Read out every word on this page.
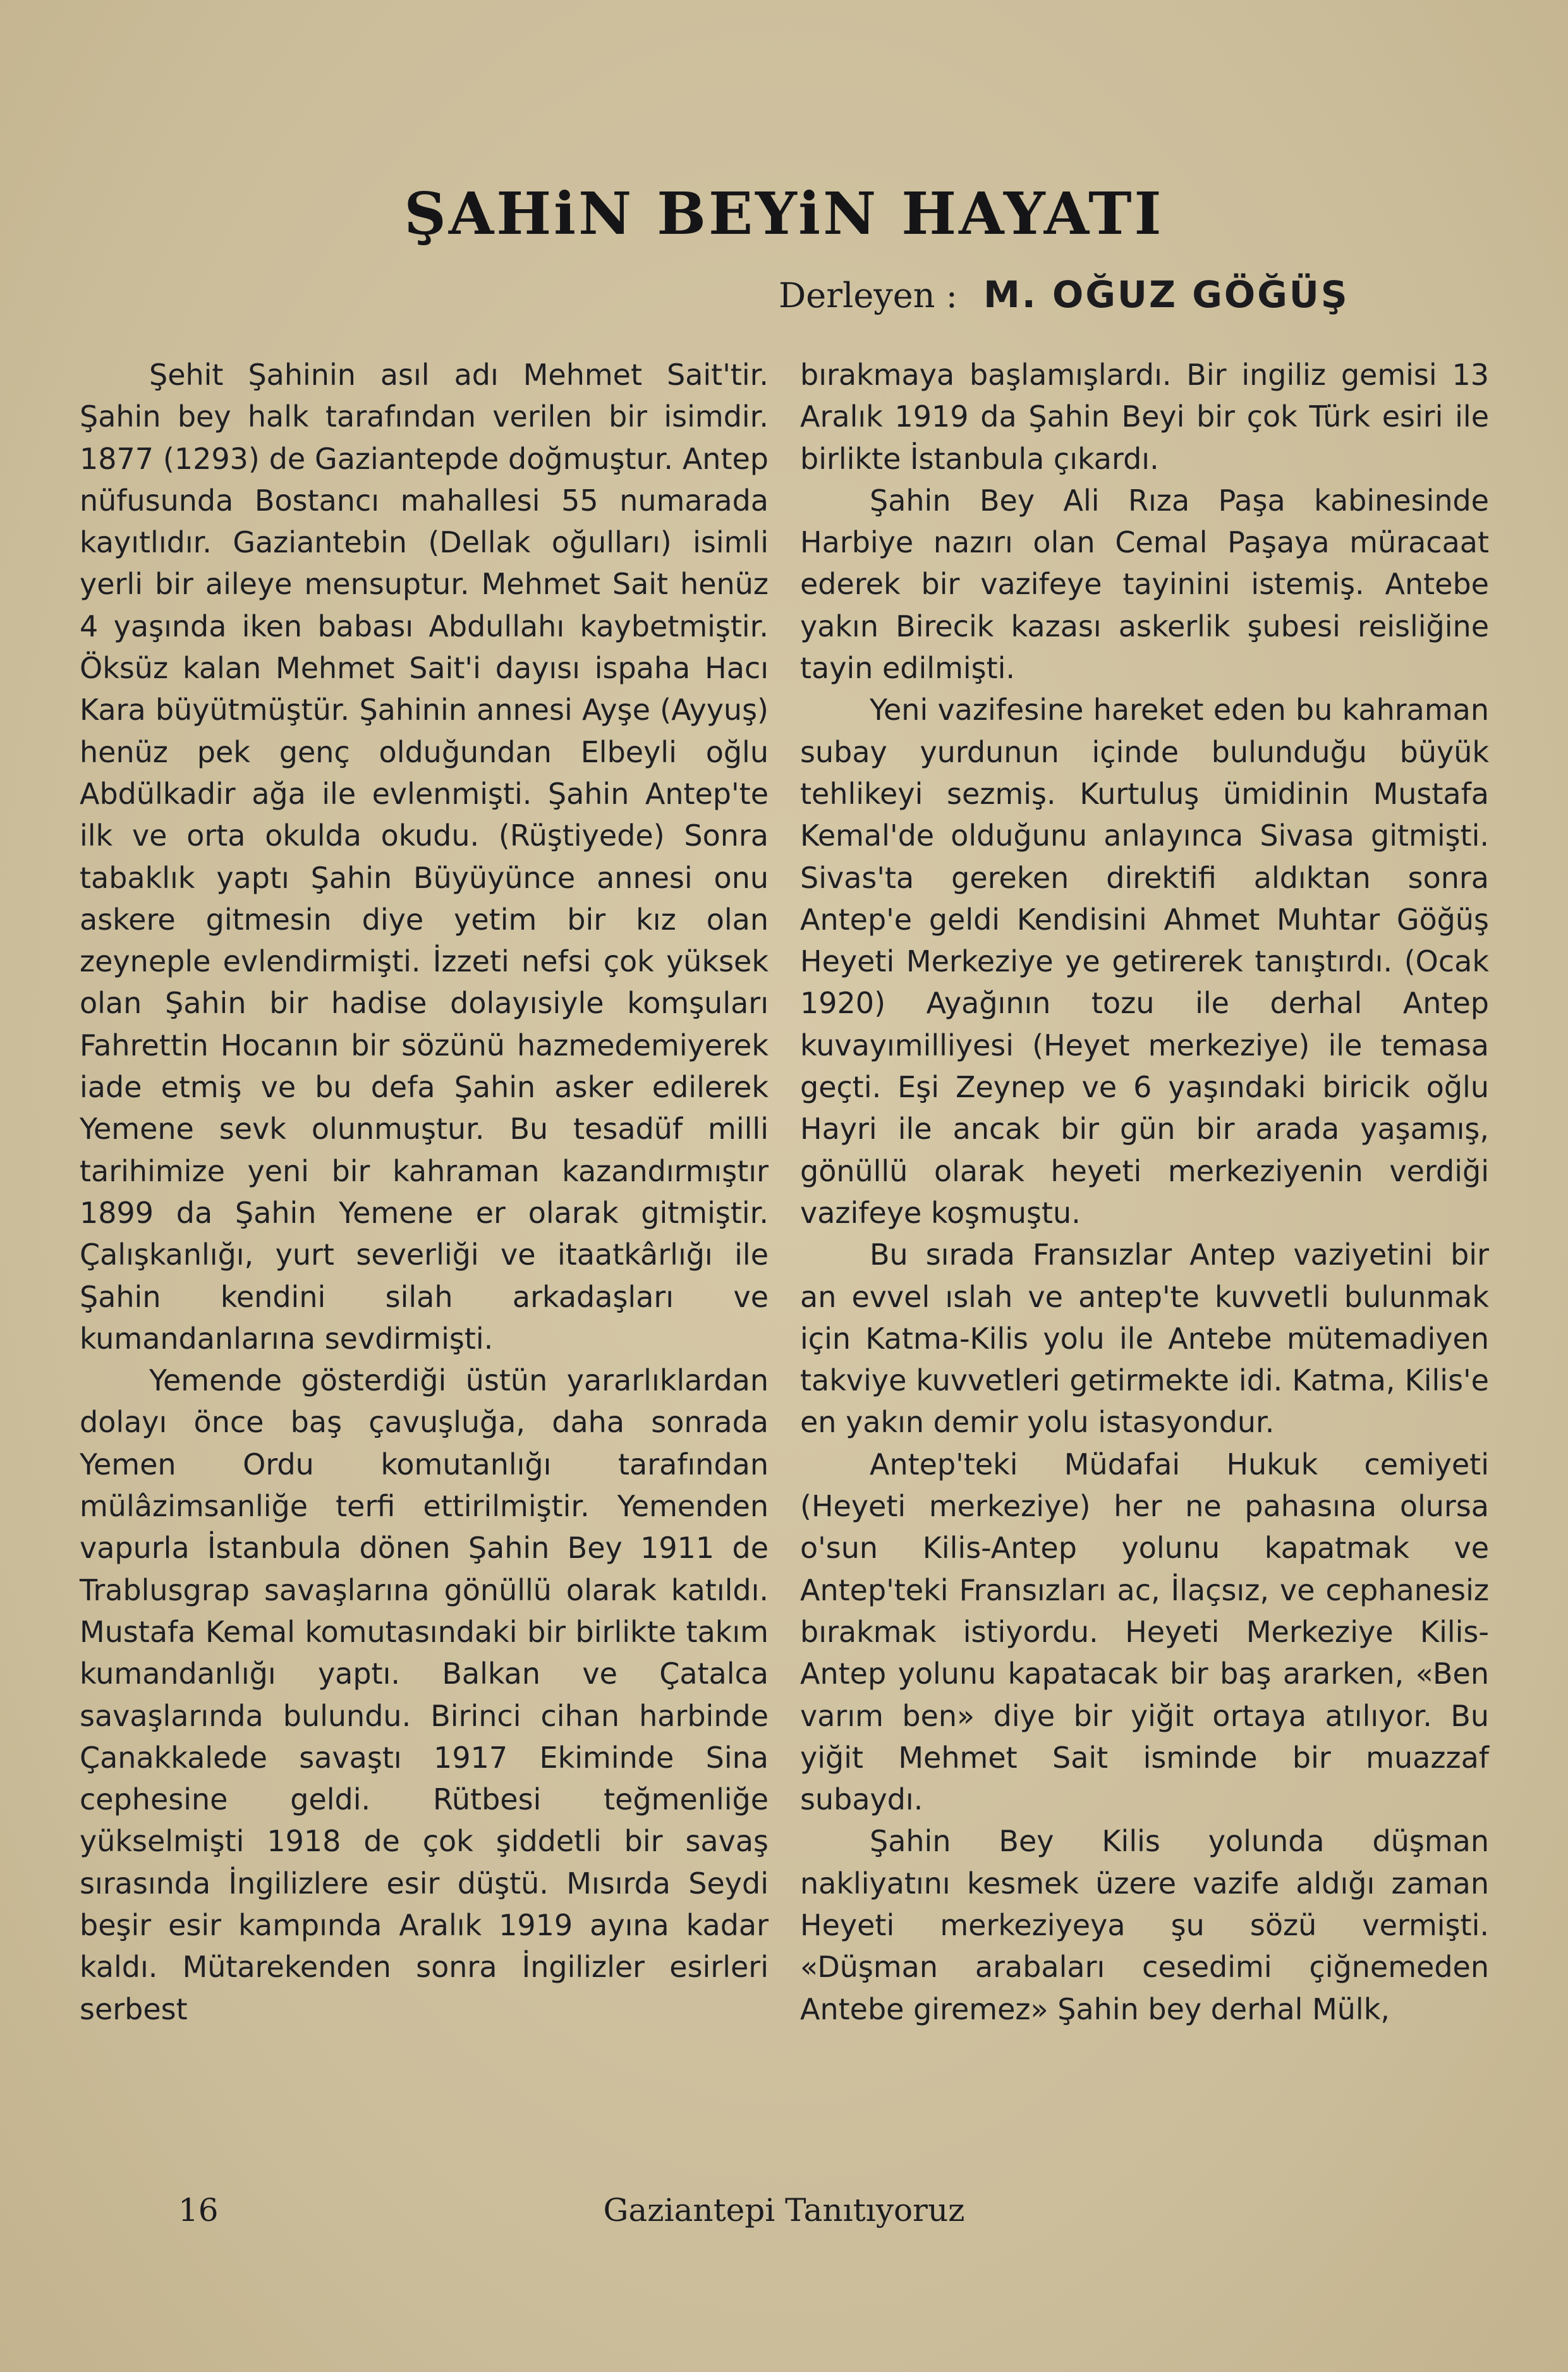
ŞAHiN BEYiN HAYATI
Derleyen : M. OĞUZ GÖĞÜŞ

Şehit Şahinin asıl adı Mehmet Sait'tir. Şahin bey halk tarafından verilen bir isimdir. 1877 (1293) de Gaziantepde doğmuştur. Antep nüfusunda Bostancı mahallesi 55 numarada kayıtlıdır. Gaziantebin (Dellak oğulları) isimli yerli bir aileye mensuptur. Mehmet Sait henüz 4 yaşında iken babası Abdullahı kaybetmiştir. Öksüz kalan Mehmet Sait'i dayısı ispaha Hacı Kara büyütmüştür. Şahinin annesi Ayşe (Ayyuş) henüz pek genç olduğundan Elbeyli oğlu Abdülkadir ağa ile evlenmişti. Şahin Antep'te ilk ve orta okulda okudu. (Rüştiyede) Sonra tabaklık yaptı Şahin Büyüyünce annesi onu askere gitmesin diye yetim bir kız olan zeyneple evlendirmişti. İzzeti nefsi çok yüksek olan Şahin bir hadise dolayısiyle komşuları Fahrettin Hocanın bir sözünü hazmedemiyerek iade etmiş ve bu defa Şahin asker edilerek Yemene sevk olunmuştur. Bu tesadüf milli tarihimize yeni bir kahraman kazandırmıştır 1899 da Şahin Yemene er olarak gitmiştir. Çalışkanlığı, yurt severliği ve itaatkârlığı ile Şahin kendini silah arkadaşları ve kumandanlarına sevdirmişti.

Yemende gösterdiği üstün yararlıklardan dolayı önce baş çavuşluğa, daha sonrada Yemen Ordu komutanlığı tarafından mülâzimsanliğe terfi ettirilmiştir. Yemenden vapurla İstanbula dönen Şahin Bey 1911 de Trablusgrap savaşlarına gönüllü olarak katıldı. Mustafa Kemal komutasındaki bir birlikte takım kumandanlığı yaptı. Balkan ve Çatalca savaşlarında bulundu. Birinci cihan harbinde Çanakkalede savaştı 1917 Ekiminde Sina cephesine geldi. Rütbesi teğmenliğe yükselmişti 1918 de çok şiddetli bir savaş sırasında İngilizlere esir düştü. Mısırda Seydi beşir esir kampında Aralık 1919 ayına kadar kaldı. Mütarekenden sonra İngilizler esirleri serbest

bırakmaya başlamışlardı. Bir ingiliz gemisi 13 Aralık 1919 da Şahin Beyi bir çok Türk esiri ile birlikte İstanbula çıkardı.

Şahin Bey Ali Rıza Paşa kabinesinde Harbiye nazırı olan Cemal Paşaya müracaat ederek bir vazifeye tayinini istemiş. Antebe yakın Birecik kazası askerlik şubesi reisliğine tayin edilmişti.

Yeni vazifesine hareket eden bu kahraman subay yurdunun içinde bulunduğu büyük tehlikeyi sezmiş. Kurtuluş ümidinin Mustafa Kemal'de olduğunu anlayınca Sivasa gitmişti. Sivas'ta gereken direktifi aldıktan sonra Antep'e geldi Kendisini Ahmet Muhtar Göğüş Heyeti Merkeziye ye getirerek tanıştırdı. (Ocak 1920) Ayağının tozu ile derhal Antep kuvayımilliyesi (Heyet merkeziye) ile temasa geçti. Eşi Zeynep ve 6 yaşındaki biricik oğlu Hayri ile ancak bir gün bir arada yaşamış, gönüllü olarak heyeti merkeziyenin verdiği vazifeye koşmuştu.

Bu sırada Fransızlar Antep vaziyetini bir an evvel ıslah ve antep'te kuvvetli bulunmak için Katma-Kilis yolu ile Antebe mütemadiyen takviye kuvvetleri getirmekte idi. Katma, Kilis'e en yakın demir yolu istasyondur.

Antep'teki Müdafai Hukuk cemiyeti (Heyeti merkeziye) her ne pahasına olursa o'sun Kilis-Antep yolunu kapatmak ve Antep'teki Fransızları ac, İlaçsız, ve cephanesiz bırakmak istiyordu. Heyeti Merkeziye Kilis-Antep yolunu kapatacak bir baş ararken, «Ben varım ben» diye bir yiğit ortaya atılıyor. Bu yiğit Mehmet Sait isminde bir muazzaf subaydı.

Şahin Bey Kilis yolunda düşman nakliyatını kesmek üzere vazife aldığı zaman Heyeti merkeziyeya şu sözü vermişti. «Düşman arabaları cesedimi çiğnemeden Antebe giremez» Şahin bey derhal Mülk,

16	Gaziantepi Tanıtıyoruz
